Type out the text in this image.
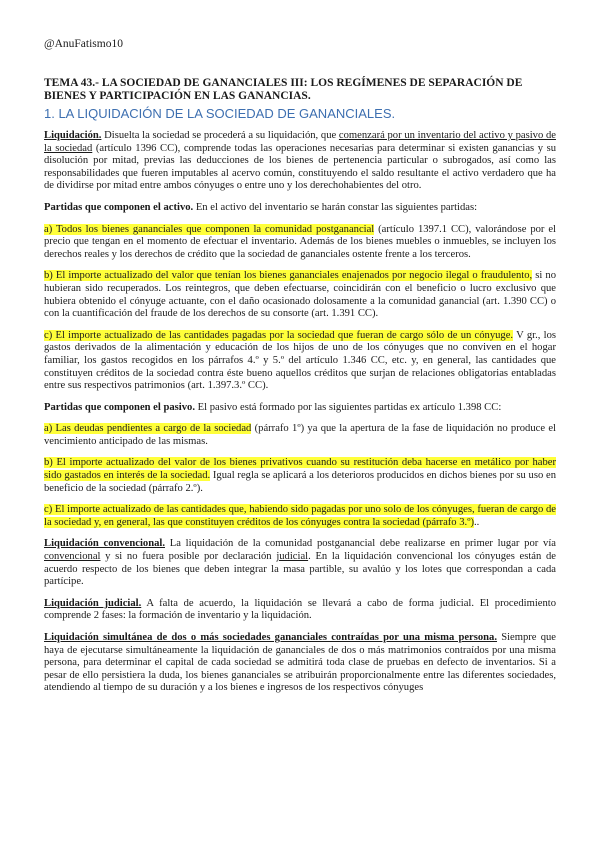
@AnuFatismo10
TEMA 43.- LA SOCIEDAD DE GANANCIALES III: LOS REGÍMENES DE SEPARACIÓN DE BIENES Y PARTICIPACIÓN EN LAS GANANCIAS.
1. LA LIQUIDACIÓN DE LA SOCIEDAD DE GANANCIALES.

Liquidación. Disuelta la sociedad se procederá a su liquidación, que comenzará por un inventario del activo y pasivo de la sociedad (artículo 1396 CC), comprende todas las operaciones necesarias para determinar si existen ganancias y su disolución por mitad, previas las deducciones de los bienes de pertenencia particular o subrogados, así como las responsabilidades que fueren imputables al acervo común, constituyendo el saldo resultante el activo verdadero que ha de dividirse por mitad entre ambos cónyuges o entre uno y los derechohabientes del otro.

Partidas que componen el activo. En el activo del inventario se harán constar las siguientes partidas:

a) Todos los bienes gananciales que componen la comunidad postganancial (artículo 1397.1 CC), valorándose por el precio que tengan en el momento de efectuar el inventario. Además de los bienes muebles o inmuebles, se incluyen los derechos reales y los derechos de crédito que la sociedad de gananciales ostente frente a los terceros.

b) El importe actualizado del valor que tenían los bienes gananciales enajenados por negocio ilegal o fraudulento, si no hubieran sido recuperados. Los reintegros, que deben efectuarse, coincidirán con el beneficio o lucro exclusivo que hubiera obtenido el cónyuge actuante, con el daño ocasionado dolosamente a la comunidad ganancial (art. 1.390 CC) o con la cuantificación del fraude de los derechos de su consorte (art. 1.391 CC).

c) El importe actualizado de las cantidades pagadas por la sociedad que fueran de cargo sólo de un cónyuge. V gr., los gastos derivados de la alimentación y educación de los hijos de uno de los cónyuges que no conviven en el hogar familiar, los gastos recogidos en los párrafos 4.º y 5.º del artículo 1.346 CC, etc. y, en general, las cantidades que constituyen créditos de la sociedad contra éste bueno aquellos créditos que surjan de relaciones obligatorias entabladas entre sus respectivos patrimonios (art. 1.397.3.º CC).

Partidas que componen el pasivo. El pasivo está formado por las siguientes partidas ex artículo 1.398 CC:

a) Las deudas pendientes a cargo de la sociedad (párrafo 1º) ya que la apertura de la fase de liquidación no produce el vencimiento anticipado de las mismas.

b) El importe actualizado del valor de los bienes privativos cuando su restitución deba hacerse en metálico por haber sido gastados en interés de la sociedad. Igual regla se aplicará a los deterioros producidos en dichos bienes por su uso en beneficio de la sociedad (párrafo 2.º).

c) El importe actualizado de las cantidades que, habiendo sido pagadas por uno solo de los cónyuges, fueran de cargo de la sociedad y, en general, las que constituyen créditos de los cónyuges contra la sociedad (párrafo 3.º)..

Liquidación convencional. La liquidación de la comunidad postganancial debe realizarse en primer lugar por vía convencional y si no fuera posible por declaración judicial. En la liquidación convencional los cónyuges están de acuerdo respecto de los bienes que deben integrar la masa partible, su avalúo y los lotes que correspondan a cada partícipe.

Liquidación judicial. A falta de acuerdo, la liquidación se llevará a cabo de forma judicial. El procedimiento comprende 2 fases: la formación de inventario y la liquidación.

Liquidación simultánea de dos o más sociedades gananciales contraídas por una misma persona. Siempre que haya de ejecutarse simultáneamente la liquidación de gananciales de dos o más matrimonios contraídos por una misma persona, para determinar el capital de cada sociedad se admitirá toda clase de pruebas en defecto de inventarios. Si a pesar de ello persistiera la duda, los bienes gananciales se atribuirán proporcionalmente entre las diferentes sociedades, atendiendo al tiempo de su duración y a los bienes e ingresos de los respectivos cónyuges
